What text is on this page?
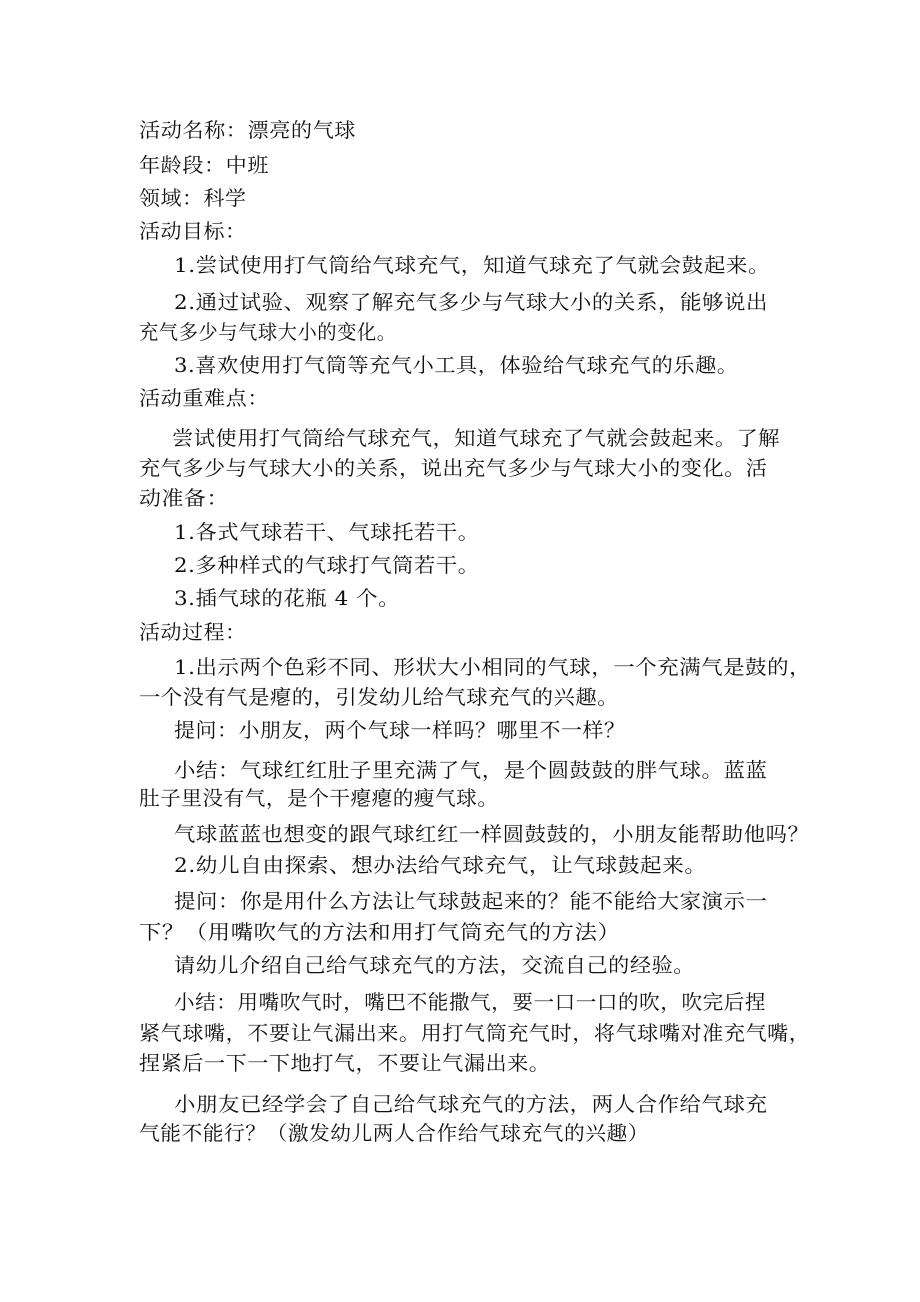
活动名称：漂亮的气球
年龄段：中班
领域：科学
活动目标：
1.尝试使用打气筒给气球充气，知道气球充了气就会鼓起来。
2.通过试验、观察了解充气多少与气球大小的关系，能够说出
充气多少与气球大小的变化。
3.喜欢使用打气筒等充气小工具，体验给气球充气的乐趣。
活动重难点：
尝试使用打气筒给气球充气，知道气球充了气就会鼓起来。了解
充气多少与气球大小的关系，说出充气多少与气球大小的变化。活
动准备：
1.各式气球若干、气球托若干。
2.多种样式的气球打气筒若干。
3.插气球的花瓶 4 个。
活动过程：
1.出示两个色彩不同、形状大小相同的气球，一个充满气是鼓的，
一个没有气是瘪的，引发幼儿给气球充气的兴趣。
提问：小朋友，两个气球一样吗？哪里不一样？
小结：气球红红肚子里充满了气，是个圆鼓鼓的胖气球。蓝蓝
肚子里没有气，是个干瘪瘪的瘦气球。
气球蓝蓝也想变的跟气球红红一样圆鼓鼓的，小朋友能帮助他吗？
2.幼儿自由探索、想办法给气球充气，让气球鼓起来。
提问：你是用什么方法让气球鼓起来的？能不能给大家演示一
下？（用嘴吹气的方法和用打气筒充气的方法）
请幼儿介绍自己给气球充气的方法，交流自己的经验。
小结：用嘴吹气时，嘴巴不能撒气，要一口一口的吹，吹完后捏
紧气球嘴，不要让气漏出来。用打气筒充气时，将气球嘴对准充气嘴，
捏紧后一下一下地打气，不要让气漏出来。
小朋友已经学会了自己给气球充气的方法，两人合作给气球充
气能不能行？（激发幼儿两人合作给气球充气的兴趣）
